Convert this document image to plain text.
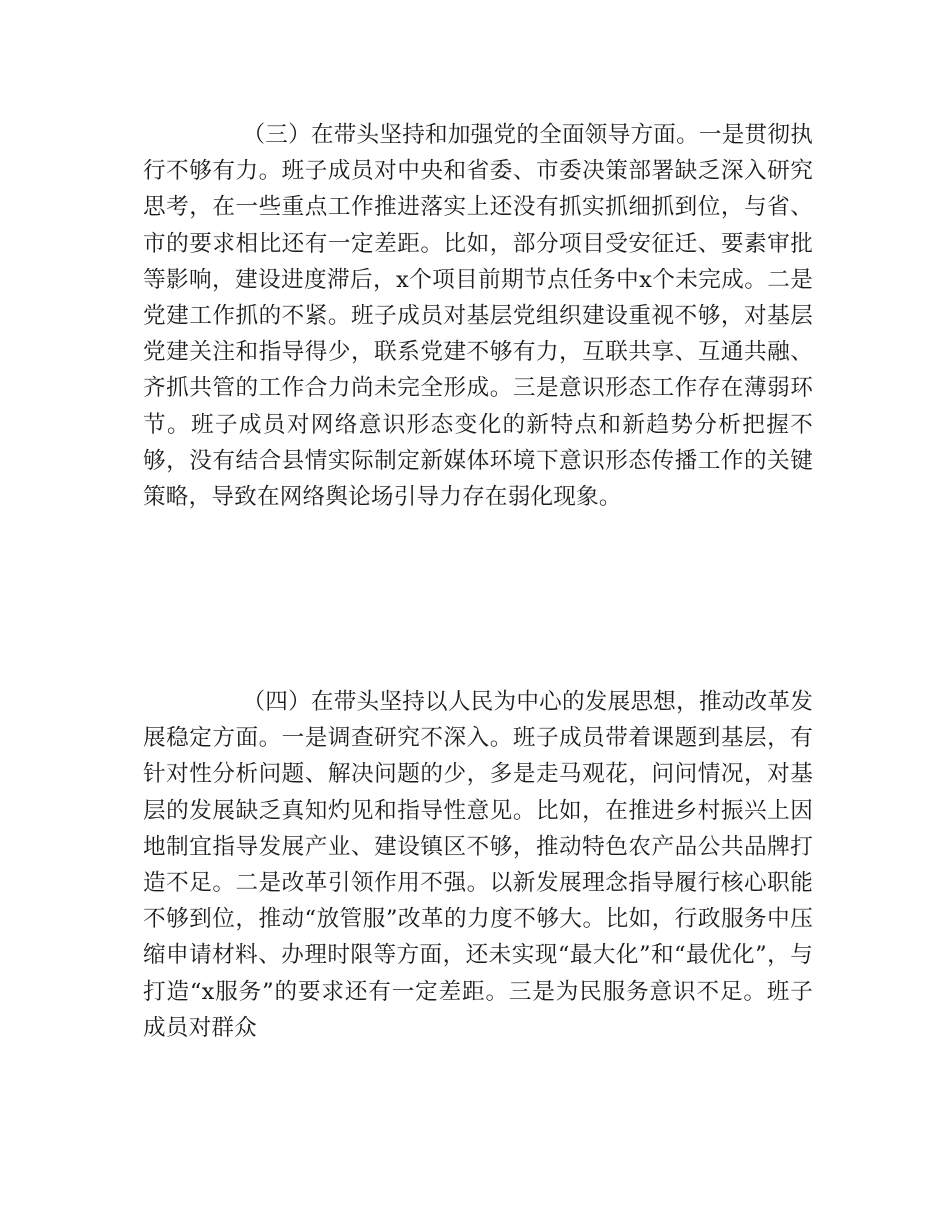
（三）在带头坚持和加强党的全面领导方面。一是贯彻执行不够有力。班子成员对中央和省委、市委决策部署缺乏深入研究思考，在一些重点工作推进落实上还没有抓实抓细抓到位，与省、市的要求相比还有一定差距。比如，部分项目受安征迁、要素审批等影响，建设进度滞后，x个项目前期节点任务中x个未完成。二是党建工作抓的不紧。班子成员对基层党组织建设重视不够，对基层党建关注和指导得少，联系党建不够有力，互联共享、互通共融、齐抓共管的工作合力尚未完全形成。三是意识形态工作存在薄弱环节。班子成员对网络意识形态变化的新特点和新趋势分析把握不够，没有结合县情实际制定新媒体环境下意识形态传播工作的关键策略，导致在网络舆论场引导力存在弱化现象。

（四）在带头坚持以人民为中心的发展思想，推动改革发展稳定方面。一是调查研究不深入。班子成员带着课题到基层，有针对性分析问题、解决问题的少，多是走马观花，问问情况，对基层的发展缺乏真知灼见和指导性意见。比如，在推进乡村振兴上因地制宜指导发展产业、建设镇区不够，推动特色农产品公共品牌打造不足。二是改革引领作用不强。以新发展理念指导履行核心职能不够到位，推动“放管服”改革的力度不够大。比如，行政服务中压缩申请材料、办理时限等方面，还未实现“最大化”和“最优化”，与打造“x服务”的要求还有一定差距。三是为民服务意识不足。班子成员对群众
